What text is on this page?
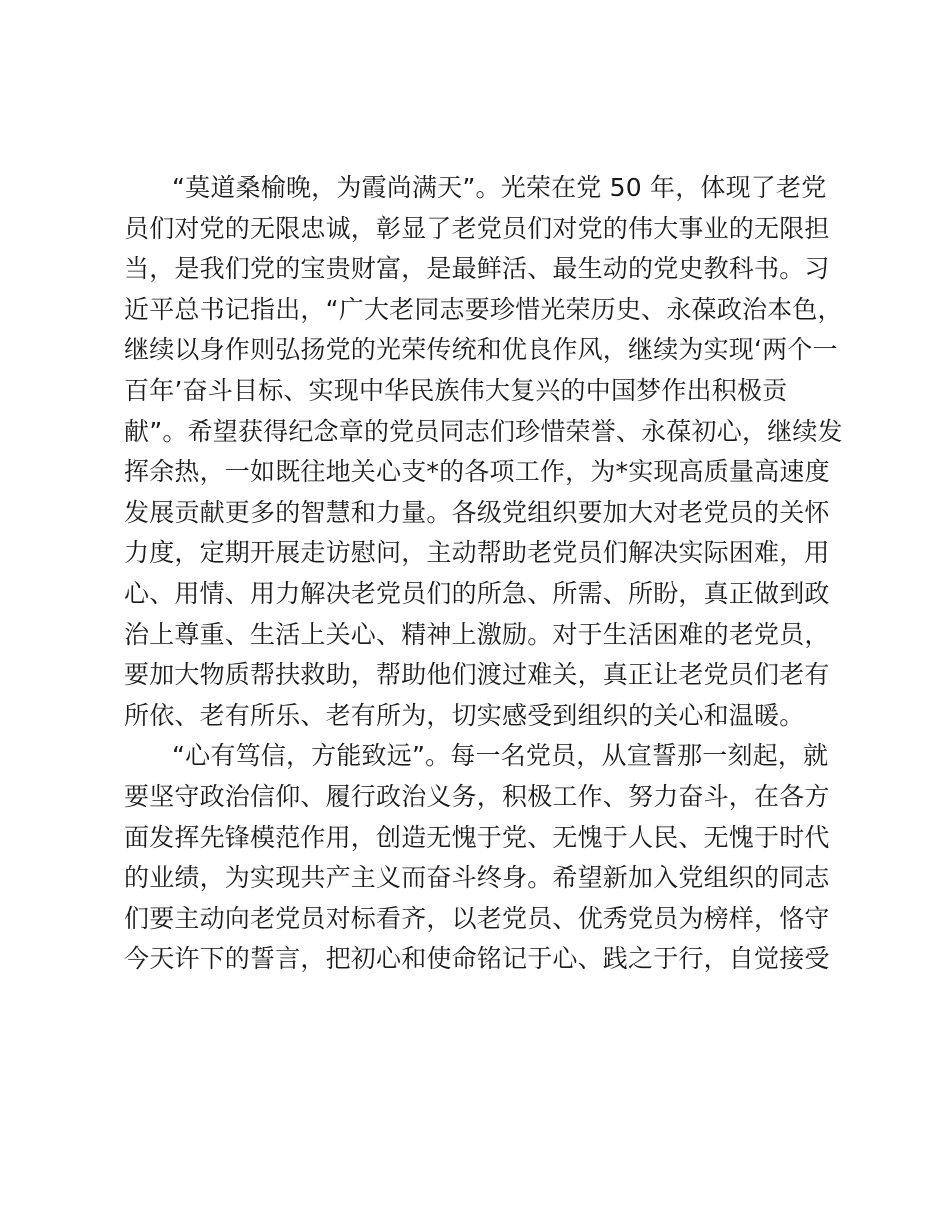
“莫道桑榆晚，为霞尚满天”。光荣在党 50 年，体现了老党
员们对党的无限忠诚，彰显了老党员们对党的伟大事业的无限担
当，是我们党的宝贵财富，是最鲜活、最生动的党史教科书。习
近平总书记指出，“广大老同志要珍惜光荣历史、永葆政治本色，
继续以身作则弘扬党的光荣传统和优良作风，继续为实现‘两个一
百年’奋斗目标、实现中华民族伟大复兴的中国梦作出积极贡
献”。希望获得纪念章的党员同志们珍惜荣誉、永葆初心，继续发
挥余热，一如既往地关心支*的各项工作，为*实现高质量高速度
发展贡献更多的智慧和力量。各级党组织要加大对老党员的关怀
力度，定期开展走访慰问，主动帮助老党员们解决实际困难，用
心、用情、用力解决老党员们的所急、所需、所盼，真正做到政
治上尊重、生活上关心、精神上激励。对于生活困难的老党员，
要加大物质帮扶救助，帮助他们渡过难关，真正让老党员们老有
所依、老有所乐、老有所为，切实感受到组织的关心和温暖。
“心有笃信，方能致远”。每一名党员，从宣誓那一刻起，就
要坚守政治信仰、履行政治义务，积极工作、努力奋斗，在各方
面发挥先锋模范作用，创造无愧于党、无愧于人民、无愧于时代
的业绩，为实现共产主义而奋斗终身。希望新加入党组织的同志
们要主动向老党员对标看齐，以老党员、优秀党员为榜样，恪守
今天许下的誓言，把初心和使命铭记于心、践之于行，自觉接受
